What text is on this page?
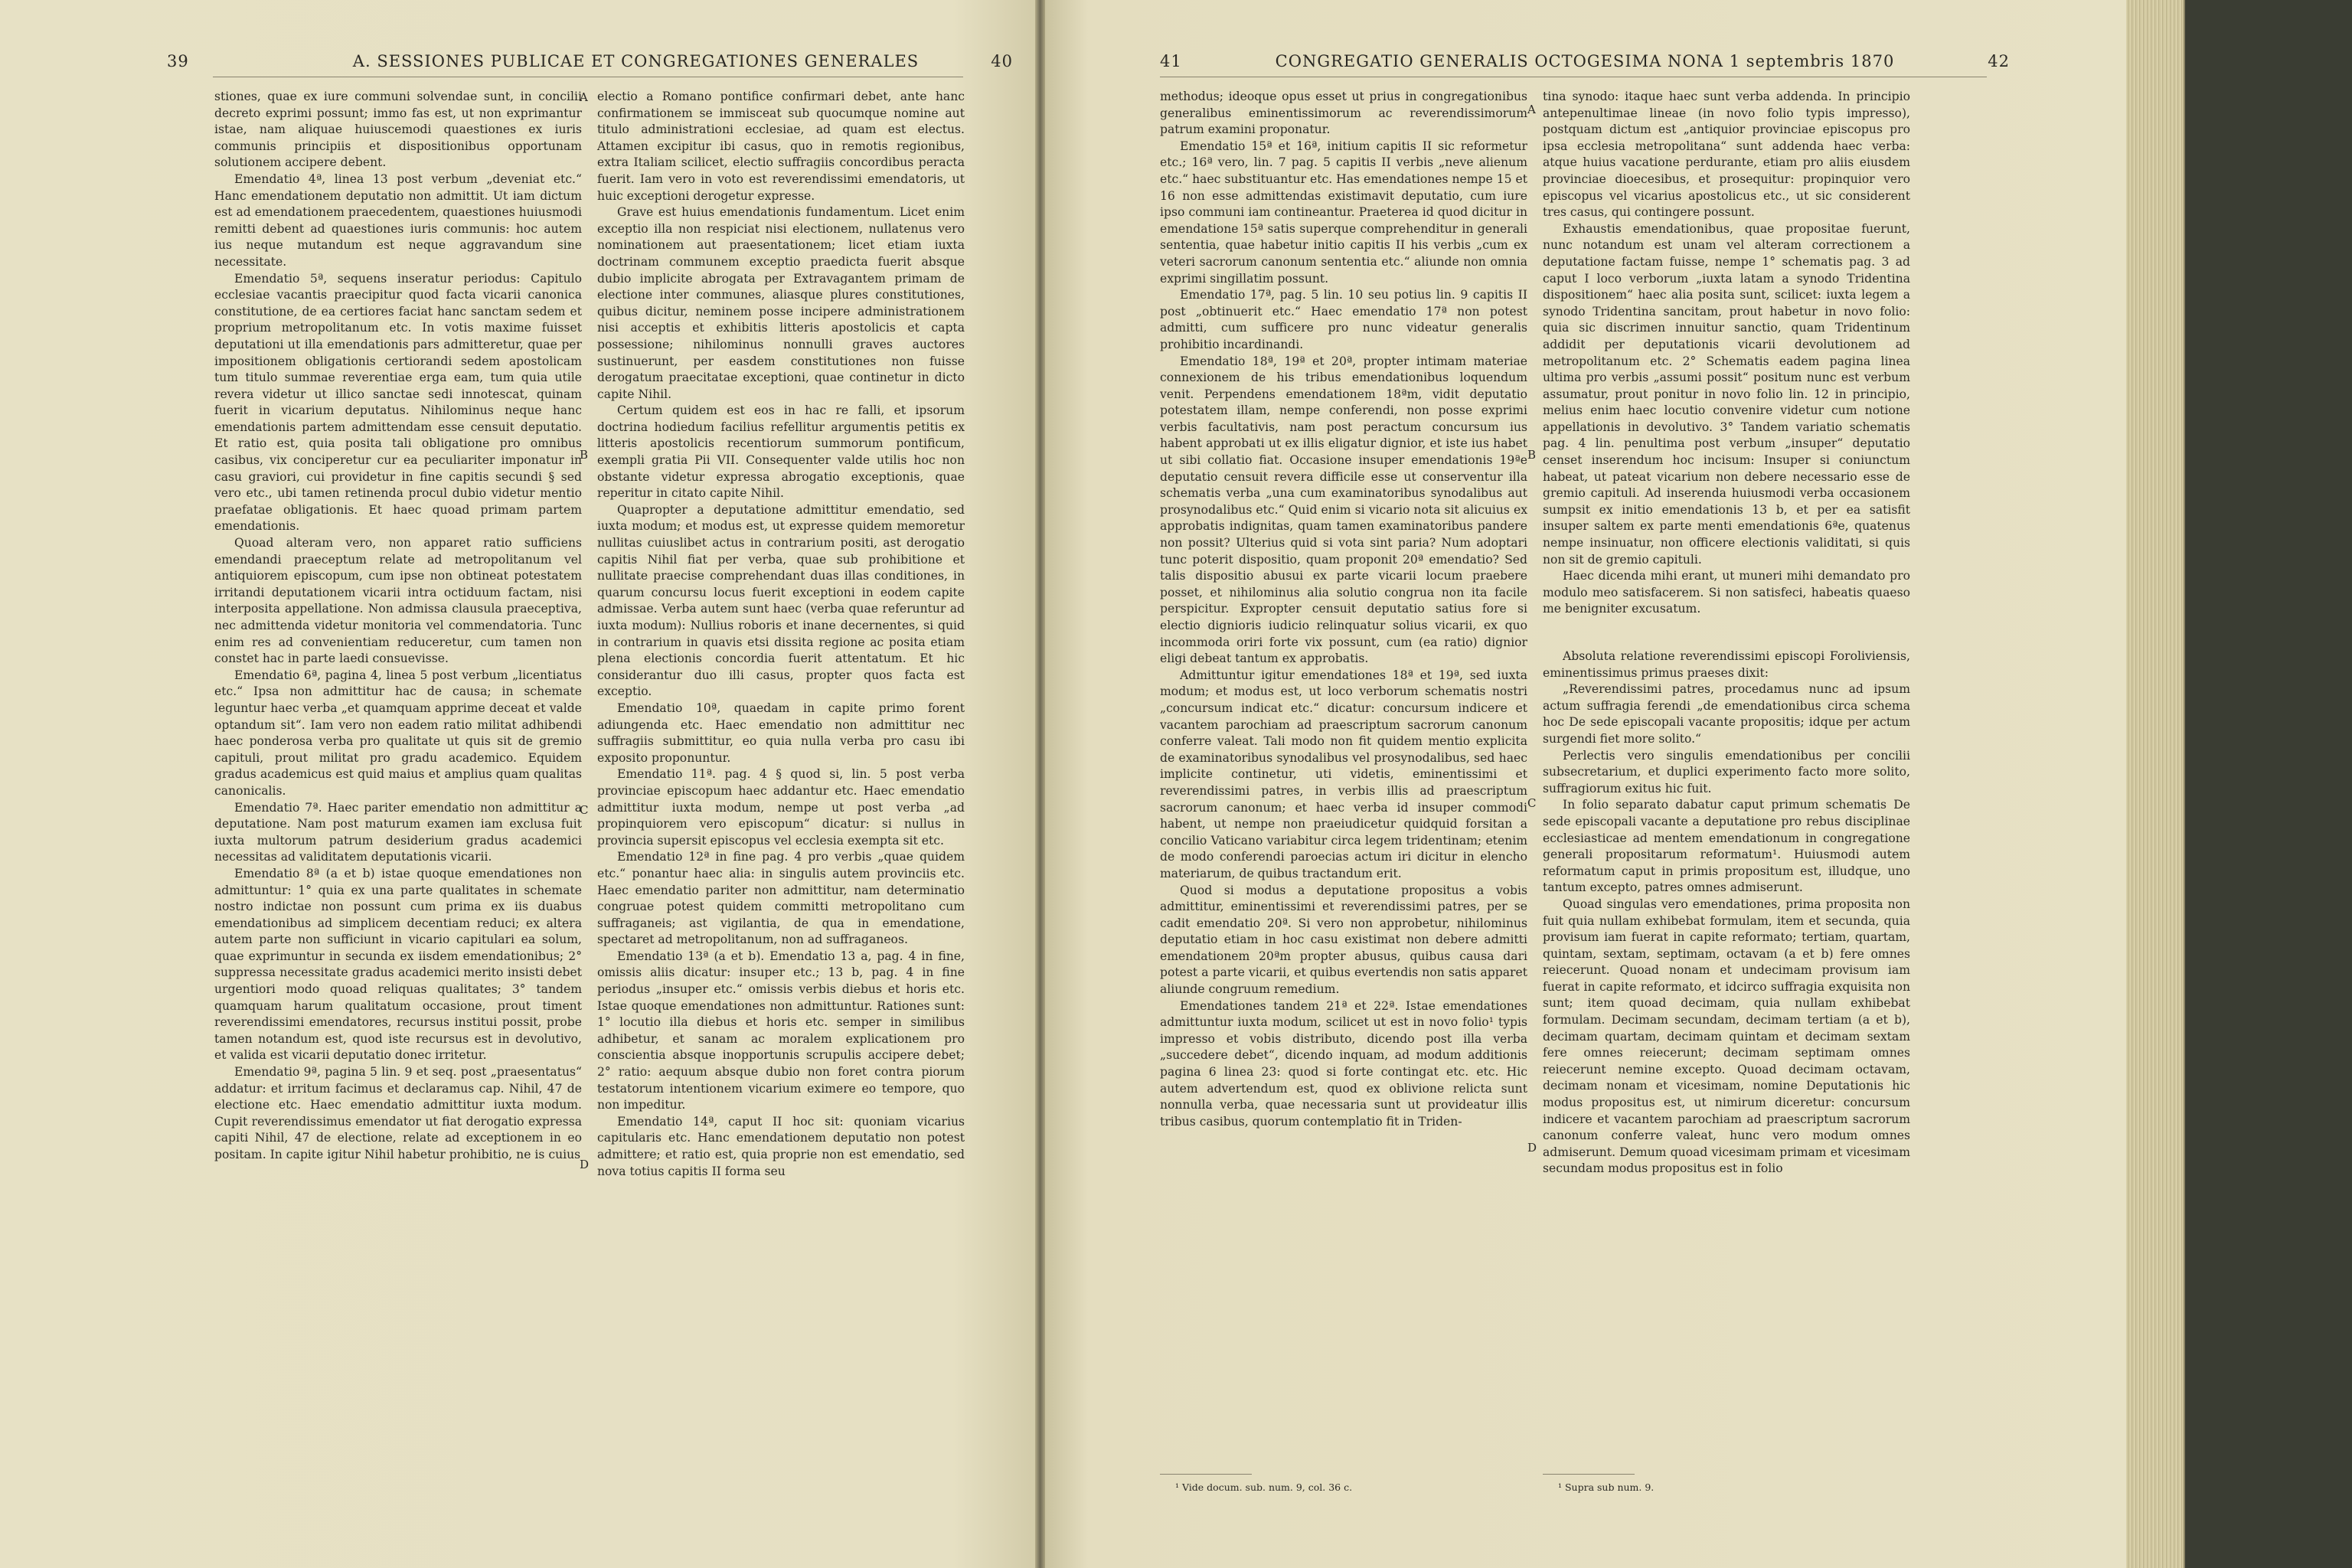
39	A. SESSIONES PUBLICAE ET CONGREGATIONES GENERALES	40

stiones, quae ex iure communi solvendae sunt, in concilii decreto exprimi possunt; immo fas est, ut non exprimantur istae, nam aliquae huiuscemodi quaestiones ex iuris communis principiis et dispositionibus opportunam solutionem accipere debent.

Emendatio 4ª, linea 13 post verbum „deveniat etc.“ Hanc emendationem deputatio non admittit. Ut iam dictum est ad emendationem praecedentem, quaestiones huiusmodi remitti debent ad quaestiones iuris communis: hoc autem ius neque mutandum est neque aggravandum sine necessitate.

Emendatio 5ª, sequens inseratur periodus: Capitulo ecclesiae vacantis praecipitur quod facta vicarii canonica constitutione, de ea certiores faciat hanc sanctam sedem et proprium metropolitanum etc. In votis maxime fuisset deputationi ut illa emendationis pars admitteretur, quae per impositionem obligationis certiorandi sedem apostolicam tum titulo summae reverentiae erga eam, tum quia utile revera videtur ut illico sanctae sedi innotescat, quinam fuerit in vicarium deputatus. Nihilominus neque hanc emendationis partem admittendam esse censuit deputatio. Et ratio est, quia posita tali obligatione pro omnibus casibus, vix conciperetur cur ea peculiariter imponatur in casu graviori, cui providetur in fine capitis secundi § sed vero etc., ubi tamen retinenda procul dubio videtur mentio praefatae obligationis. Et haec quoad primam partem emendationis.

Quoad alteram vero, non apparet ratio sufficiens emendandi praeceptum relate ad metropolitanum vel antiquiorem episcopum, cum ipse non obtineat potestatem irritandi deputationem vicarii intra octiduum factam, nisi interposita appellatione. Non admissa clausula praeceptiva, nec admittenda videtur monitoria vel commendatoria. Tunc enim res ad convenientiam reduceretur, cum tamen non constet hac in parte laedi consuevisse.

Emendatio 6ª, pagina 4, linea 5 post verbum „licentiatus etc.“ Ipsa non admittitur hac de causa; in schemate leguntur haec verba „et quamquam apprime deceat et valde optandum sit“. Iam vero non eadem ratio militat adhibendi haec ponderosa verba pro qualitate ut quis sit de gremio capituli, prout militat pro gradu academico. Equidem gradus academicus est quid maius et amplius quam qualitas canonicalis.

Emendatio 7ª. Haec pariter emendatio non admittitur a deputatione. Nam post maturum examen iam exclusa fuit iuxta multorum patrum desiderium gradus academici necessitas ad validitatem deputationis vicarii.

Emendatio 8ª (a et b) istae quoque emendationes non admittuntur: 1° quia ex una parte qualitates in schemate nostro indictae non possunt cum prima ex iis duabus emendationibus ad simplicem decentiam reduci; ex altera autem parte non sufficiunt in vicario capitulari ea solum, quae exprimuntur in secunda ex iisdem emendationibus; 2° suppressa necessitate gradus academici merito insisti debet urgentiori modo quoad reliquas qualitates; 3° tandem quamquam harum qualitatum occasione, prout timent reverendissimi emendatores, recursus institui possit, probe tamen notandum est, quod iste recursus est in devolutivo, et valida est vicarii deputatio donec irritetur.

Emendatio 9ª, pagina 5 lin. 9 et seq. post „praesentatus“ addatur: et irritum facimus et declaramus cap. Nihil, 47 de electione etc. Haec emendatio admittitur iuxta modum. Cupit reverendissimus emendator ut fiat derogatio expressa capiti Nihil, 47 de electione, relate ad exceptionem in eo positam. In capite igitur Nihil habetur prohibitio, ne is cuius

A
B
C
D

electio a Romano pontifice confirmari debet, ante hanc confirmationem se immisceat sub quocumque nomine aut titulo administrationi ecclesiae, ad quam est electus. Attamen excipitur ibi casus, quo in remotis regionibus, extra Italiam scilicet, electio suffragiis concordibus peracta fuerit. Iam vero in voto est reverendissimi emendatoris, ut huic exceptioni derogetur expresse.

Grave est huius emendationis fundamentum. Licet enim exceptio illa non respiciat nisi electionem, nullatenus vero nominationem aut praesentationem; licet etiam iuxta doctrinam communem exceptio praedicta fuerit absque dubio implicite abrogata per Extravagantem primam de electione inter communes, aliasque plures constitutiones, quibus dicitur, neminem posse incipere administrationem nisi acceptis et exhibitis litteris apostolicis et capta possessione; nihilominus nonnulli graves auctores sustinuerunt, per easdem constitutiones non fuisse derogatum praecitatae exceptioni, quae continetur in dicto capite Nihil.

Certum quidem est eos in hac re falli, et ipsorum doctrina hodiedum facilius refellitur argumentis petitis ex litteris apostolicis recentiorum summorum pontificum, exempli gratia Pii VII. Consequenter valde utilis hoc non obstante videtur expressa abrogatio exceptionis, quae reperitur in citato capite Nihil.

Quapropter a deputatione admittitur emendatio, sed iuxta modum; et modus est, ut expresse quidem memoretur nullitas cuiuslibet actus in contrarium positi, ast derogatio capitis Nihil fiat per verba, quae sub prohibitione et nullitate praecise comprehendant duas illas conditiones, in quarum concursu locus fuerit exceptioni in eodem capite admissae. Verba autem sunt haec (verba quae referuntur ad iuxta modum): Nullius roboris et inane decernentes, si quid in contrarium in quavis etsi dissita regione ac posita etiam plena electionis concordia fuerit attentatum. Et hic considerantur duo illi casus, propter quos facta est exceptio.

Emendatio 10ª, quaedam in capite primo forent adiungenda etc. Haec emendatio non admittitur nec suffragiis submittitur, eo quia nulla verba pro casu ibi exposito proponuntur.

Emendatio 11ª. pag. 4 § quod si, lin. 5 post verba provinciae episcopum haec addantur etc. Haec emendatio admittitur iuxta modum, nempe ut post verba „ad propinquiorem vero episcopum“ dicatur: si nullus in provincia supersit episcopus vel ecclesia exempta sit etc.

Emendatio 12ª in fine pag. 4 pro verbis „quae quidem etc.“ ponantur haec alia: in singulis autem provinciis etc. Haec emendatio pariter non admittitur, nam determinatio congruae potest quidem committi metropolitano cum suffraganeis; ast vigilantia, de qua in emendatione, spectaret ad metropolitanum, non ad suffraganeos.

Emendatio 13ª (a et b). Emendatio 13 a, pag. 4 in fine, omissis aliis dicatur: insuper etc.; 13 b, pag. 4 in fine periodus „insuper etc.“ omissis verbis diebus et horis etc. Istae quoque emendationes non admittuntur. Rationes sunt: 1° locutio illa diebus et horis etc. semper in similibus adhibetur, et sanam ac moralem explicationem pro conscientia absque inopportunis scrupulis accipere debet; 2° ratio: aequum absque dubio non foret contra piorum testatorum intentionem vicarium eximere eo tempore, quo non impeditur.

Emendatio 14ª, caput II hoc sit: quoniam vicarius capitularis etc. Hanc emendationem deputatio non potest admittere; et ratio est, quia proprie non est emendatio, sed nova totius capitis II forma seu

41	CONGREGATIO GENERALIS OCTOGESIMA NONA 1 septembris 1870	42

methodus; ideoque opus esset ut prius in congregationibus generalibus eminentissimorum ac reverendissimorum patrum examini proponatur.

Emendatio 15ª et 16ª, initium capitis II sic reformetur etc.; 16ª vero, lin. 7 pag. 5 capitis II verbis „neve alienum etc.“ haec substituantur etc. Has emendationes nempe 15 et 16 non esse admittendas existimavit deputatio, cum iure ipso communi iam contineantur. Praeterea id quod dicitur in emendatione 15ª satis superque comprehenditur in generali sententia, quae habetur initio capitis II his verbis „cum ex veteri sacrorum canonum sententia etc.“ aliunde non omnia exprimi singillatim possunt.

Emendatio 17ª, pag. 5 lin. 10 seu potius lin. 9 capitis II post „obtinuerit etc.“ Haec emendatio 17ª non potest admitti, cum sufficere pro nunc videatur generalis prohibitio incardinandi.

Emendatio 18ª, 19ª et 20ª, propter intimam materiae connexionem de his tribus emendationibus loquendum venit. Perpendens emendationem 18ªm, vidit deputatio potestatem illam, nempe conferendi, non posse exprimi verbis facultativis, nam post peractum concursum ius habent approbati ut ex illis eligatur dignior, et iste ius habet ut sibi collatio fiat. Occasione insuper emendationis 19ªe deputatio censuit revera difficile esse ut conserventur illa schematis verba „una cum examinatoribus synodalibus aut prosynodalibus etc.“ Quid enim si vicario nota sit alicuius ex approbatis indignitas, quam tamen examinatoribus pandere non possit? Ulterius quid si vota sint paria? Num adoptari tunc poterit dispositio, quam proponit 20ª emendatio? Sed talis dispositio abusui ex parte vicarii locum praebere posset, et nihilominus alia solutio congrua non ita facile perspicitur. Expropter censuit deputatio satius fore si electio dignioris iudicio relinquatur solius vicarii, ex quo incommoda oriri forte vix possunt, cum (ea ratio) dignior eligi debeat tantum ex approbatis.

Admittuntur igitur emendationes 18ª et 19ª, sed iuxta modum; et modus est, ut loco verborum schematis nostri „concursum indicat etc.“ dicatur: concursum indicere et vacantem parochiam ad praescriptum sacrorum canonum conferre valeat. Tali modo non fit quidem mentio explicita de examinatoribus synodalibus vel prosynodalibus, sed haec implicite continetur, uti videtis, eminentissimi et reverendissimi patres, in verbis illis ad praescriptum sacrorum canonum; et haec verba id insuper commodi habent, ut nempe non praeiudicetur quidquid forsitan a concilio Vaticano variabitur circa legem tridentinam; etenim de modo conferendi paroecias actum iri dicitur in elencho materiarum, de quibus tractandum erit.

Quod si modus a deputatione propositus a vobis admittitur, eminentissimi et reverendissimi patres, per se cadit emendatio 20ª. Si vero non approbetur, nihilominus deputatio etiam in hoc casu existimat non debere admitti emendationem 20ªm propter abusus, quibus causa dari potest a parte vicarii, et quibus evertendis non satis apparet aliunde congruum remedium.

Emendationes tandem 21ª et 22ª. Istae emendationes admittuntur iuxta modum, scilicet ut est in novo folio¹ typis impresso et vobis distributo, dicendo post illa verba „succedere debet“, dicendo inquam, ad modum additionis pagina 6 linea 23: quod si forte contingat etc. etc. Hic autem advertendum est, quod ex oblivione relicta sunt nonnulla verba, quae necessaria sunt ut provideatur illis tribus casibus, quorum contemplatio fit in Triden-

A
B
C
D

tina synodo: itaque haec sunt verba addenda. In principio antepenultimae lineae (in novo folio typis impresso), postquam dictum est „antiquior provinciae episcopus pro ipsa ecclesia metropolitana“ sunt addenda haec verba: atque huius vacatione perdurante, etiam pro aliis eiusdem provinciae dioecesibus, et prosequitur: propinquior vero episcopus vel vicarius apostolicus etc., ut sic considerent tres casus, qui contingere possunt.

Exhaustis emendationibus, quae propositae fuerunt, nunc notandum est unam vel alteram correctionem a deputatione factam fuisse, nempe 1° schematis pag. 3 ad caput I loco verborum „iuxta latam a synodo Tridentina dispositionem“ haec alia posita sunt, scilicet: iuxta legem a synodo Tridentina sancitam, prout habetur in novo folio: quia sic discrimen innuitur sanctio, quam Tridentinum addidit per deputationis vicarii devolutionem ad metropolitanum etc. 2° Schematis eadem pagina linea ultima pro verbis „assumi possit“ positum nunc est verbum assumatur, prout ponitur in novo folio lin. 12 in principio, melius enim haec locutio convenire videtur cum notione appellationis in devolutivo. 3° Tandem variatio schematis pag. 4 lin. penultima post verbum „insuper“ deputatio censet inserendum hoc incisum: Insuper si coniunctum habeat, ut pateat vicarium non debere necessario esse de gremio capituli. Ad inserenda huiusmodi verba occasionem sumpsit ex initio emendationis 13 b, et per ea satisfit insuper saltem ex parte menti emendationis 6ªe, quatenus nempe insinuatur, non officere electionis validitati, si quis non sit de gremio capituli.

Haec dicenda mihi erant, ut muneri mihi demandato pro modulo meo satisfacerem. Si non satisfeci, habeatis quaeso me benigniter excusatum.

Absoluta relatione reverendissimi episcopi Foroliviensis, eminentissimus primus praeses dixit:

„Reverendissimi patres, procedamus nunc ad ipsum actum suffragia ferendi „de emendationibus circa schema hoc De sede episcopali vacante propositis; idque per actum surgendi fiet more solito.“

Perlectis vero singulis emendationibus per concilii subsecretarium, et duplici experimento facto more solito, suffragiorum exitus hic fuit.

In folio separato dabatur caput primum schematis De sede episcopali vacante a deputatione pro rebus disciplinae ecclesiasticae ad mentem emendationum in congregatione generali propositarum reformatum¹. Huiusmodi autem reformatum caput in primis propositum est, illudque, uno tantum excepto, patres omnes admiserunt.

Quoad singulas vero emendationes, prima proposita non fuit quia nullam exhibebat formulam, item et secunda, quia provisum iam fuerat in capite reformato; tertiam, quartam, quintam, sextam, septimam, octavam (a et b) fere omnes reiecerunt. Quoad nonam et undecimam provisum iam fuerat in capite reformato, et idcirco suffragia exquisita non sunt; item quoad decimam, quia nullam exhibebat formulam. Decimam secundam, decimam tertiam (a et b), decimam quartam, decimam quintam et decimam sextam fere omnes reiecerunt; decimam septimam omnes reiecerunt nemine excepto. Quoad decimam octavam, decimam nonam et vicesimam, nomine Deputationis hic modus propositus est, ut nimirum diceretur: concursum indicere et vacantem parochiam ad praescriptum sacrorum canonum conferre valeat, hunc vero modum omnes admiserunt. Demum quoad vicesimam primam et vicesimam secundam modus propositus est in folio

¹ Vide docum. sub. num. 9, col. 36 c.	¹ Supra sub num. 9.
